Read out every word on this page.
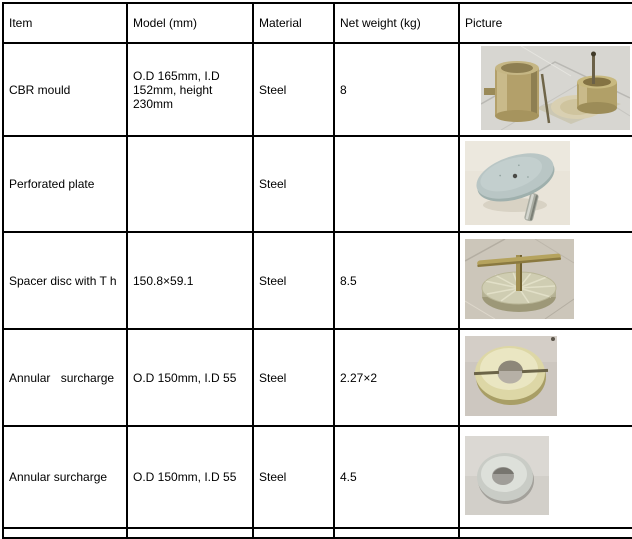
Item	Model (mm)	Material	Net weight (kg)	Picture
CBR mould	O.D 165mm, I.D 152mm, height 230mm	Steel	8	
Perforated plate		Steel		
Spacer disc with T h	150.8×59.1	Steel	8.5	
Annular surcharge	O.D 150mm, I.D 55	Steel	2.27×2	
Annular surcharge	O.D 150mm, I.D 55	Steel	4.5	
